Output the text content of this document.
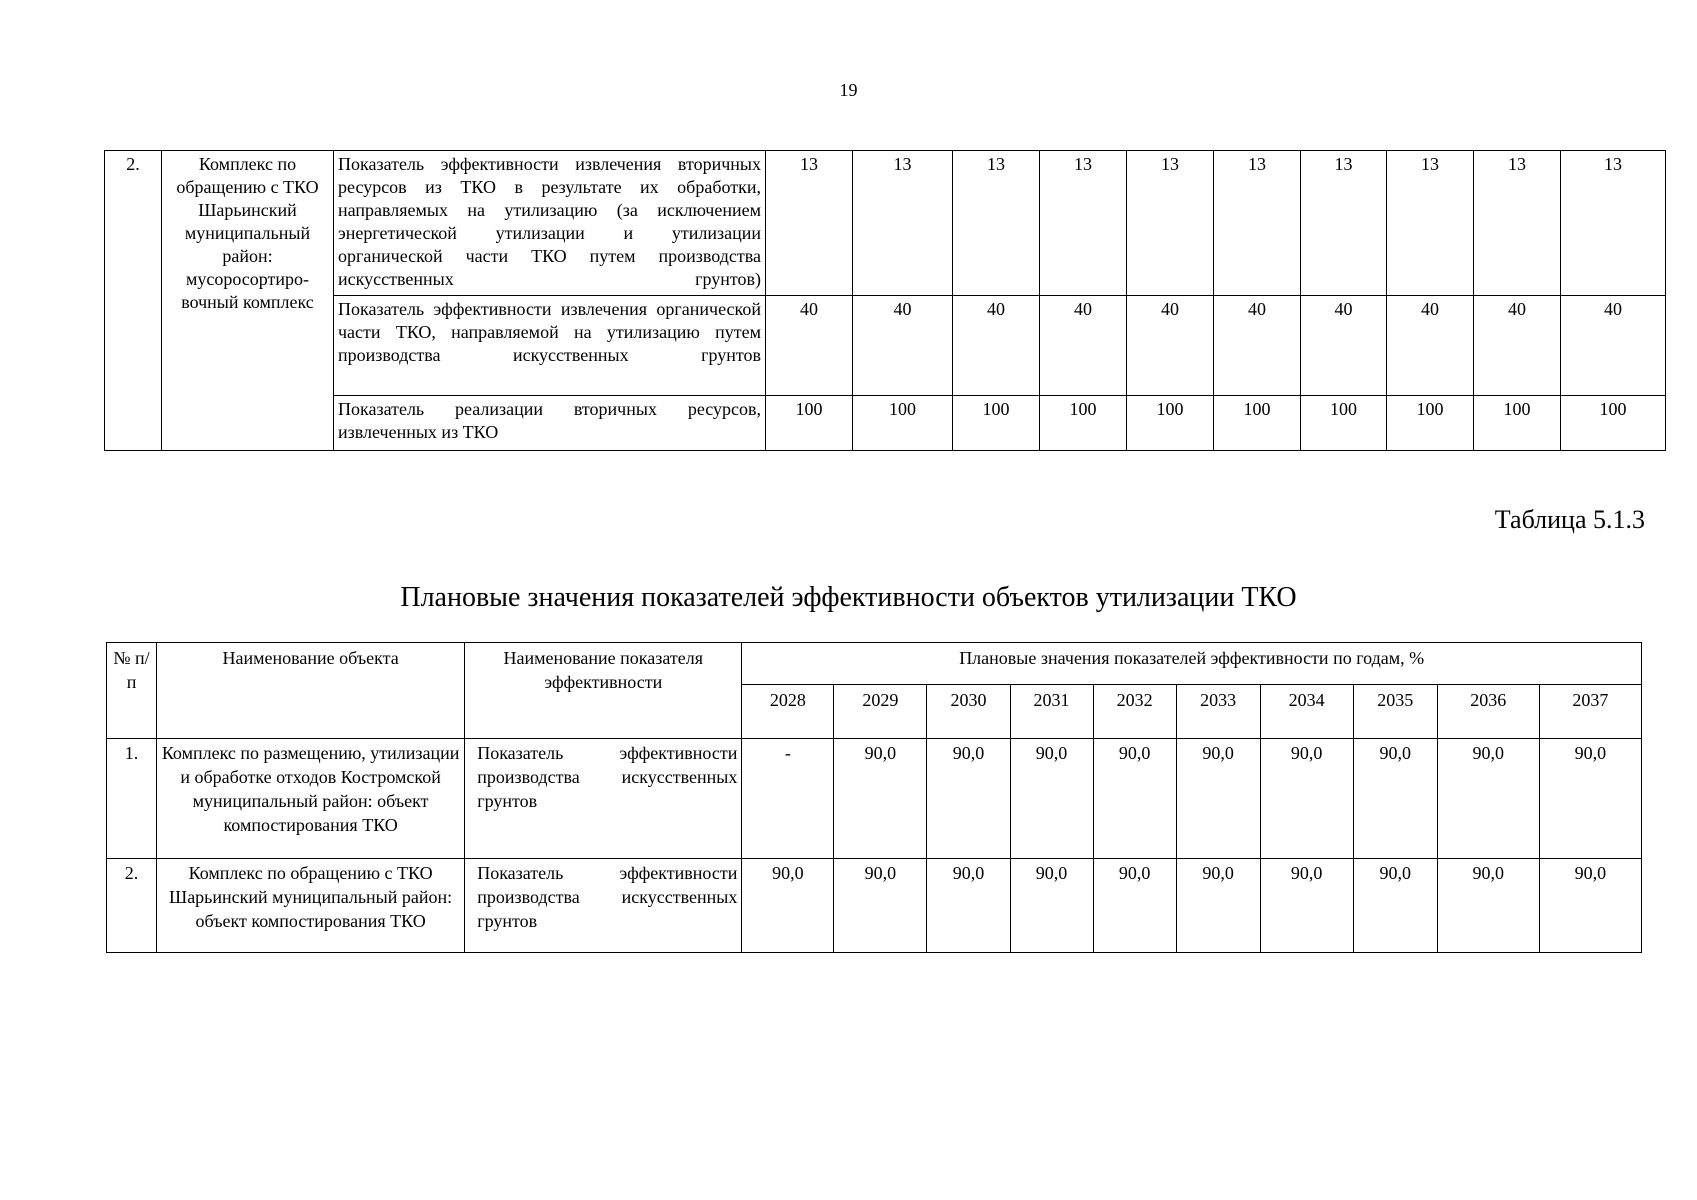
19
2.	Комплекс по обращению с ТКО Шарьинский муниципальный район: мусоросортиро-вочный комплекс	Показатель эффективности извлечения вторичных ресурсов из ТКО в результате их обработки, направляемых на утилизацию (за исключением энергетической утилизации и утилизации органической части ТКО путем производства искусственных грунтов)	13	13	13	13	13	13	13	13	13	13
		Показатель эффективности извлечения органической части ТКО, направляемой на утилизацию путем производства искусственных грунтов	40	40	40	40	40	40	40	40	40	40
		Показатель реализации вторичных ресурсов, извлеченных из ТКО	100	100	100	100	100	100	100	100	100	100
Таблица 5.1.3
Плановые значения показателей эффективности объектов утилизации ТКО
№ п/п	Наименование объекта	Наименование показателя эффективности	Плановые значения показателей эффективности по годам, %									
			2028	2029	2030	2031	2032	2033	2034	2035	2036	2037
1.	Комплекс по размещению, утилизации и обработке отходов Костромской муниципальный район: объект компостирования ТКО	Показатель эффективности производства искусственных грунтов	-	90,0	90,0	90,0	90,0	90,0	90,0	90,0	90,0	90,0
2.	Комплекс по обращению с ТКО Шарьинский муниципальный район: объект компостирования ТКО	Показатель эффективности производства искусственных грунтов	90,0	90,0	90,0	90,0	90,0	90,0	90,0	90,0	90,0	90,0
